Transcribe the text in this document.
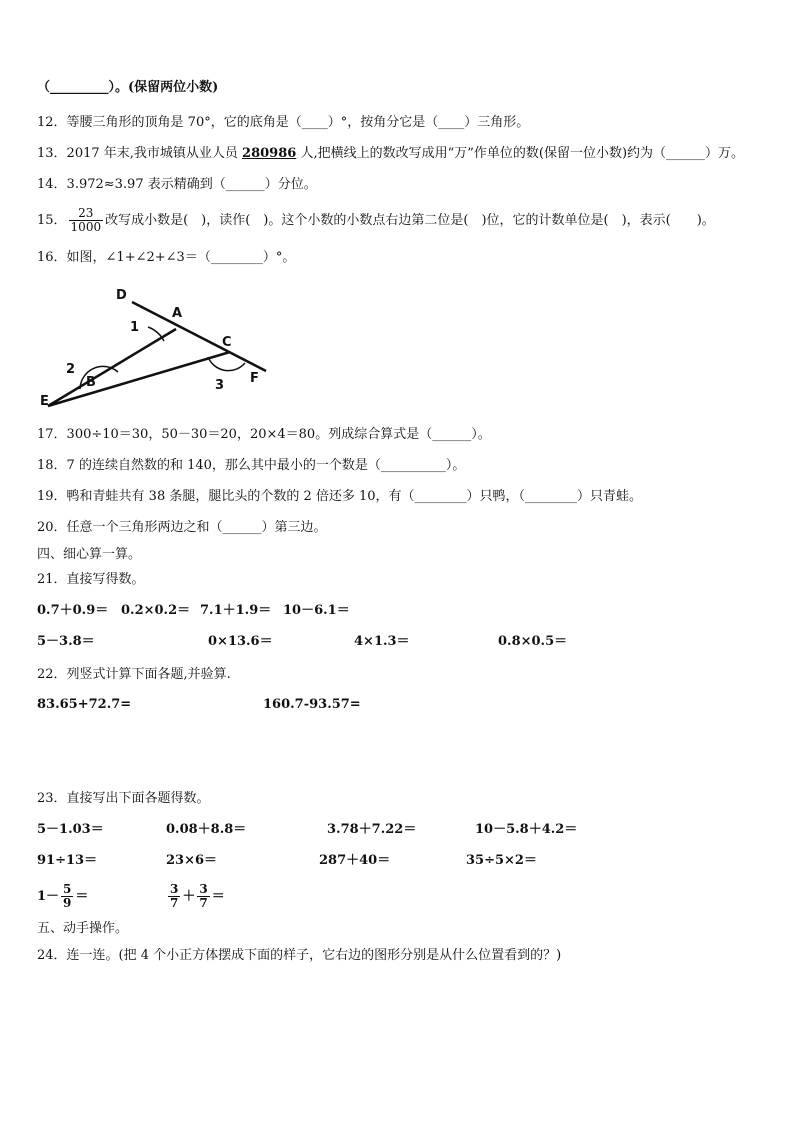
（_________）。(保留两位小数)
12．等腰三角形的顶角是 70°，它的底角是（____）°，按角分它是（____）三角形。
13．2017 年末,我市城镇从业人员 280986 人,把横线上的数改写成用“万”作单位的数(保留一位小数)约为（______）万。
14．3.972≈3.97 表示精确到（______）分位。
15． $\frac{23}{1000}$ 改写成小数是(　)，读作(　)。这个小数的小数点右边第二位是(　)位，它的计数单位是(　)，表示(　　)。
16．如图，∠1+∠2+∠3＝（________）°。
D
A
C
B
E
F
1
2
3
17．300÷10＝30，50－30＝20，20×4＝80。列成综合算式是（______）。
18．7 的连续自然数的和 140，那么其中最小的一个数是（__________）。
19．鸭和青蛙共有 38 条腿，腿比头的个数的 2 倍还多 10，有（________）只鸭，（________）只青蛙。
20．任意一个三角形两边之和（______）第三边。
四、细心算一算。
21．直接写得数。
0.7＋0.9＝ 0.2×0.2＝ 7.1＋1.9＝ 10－6.1＝
5－3.8＝	0×13.6＝	4×1.3＝	0.8×0.5＝
22．列竖式计算下面各题,并验算.
83.65+72.7=	160.7-93.57=
23．直接写出下面各题得数。
5－1.03＝	0.08＋8.8＝	3.78＋7.22＝	10－5.8＋4.2＝
91÷13＝	23×6＝	287＋40＝	35÷5×2＝
$1- \frac{5}{9}$ ＝	$\frac{3}{7} + \frac{3}{7}$ ＝
五、动手操作。
24．连一连。(把 4 个小正方体摆成下面的样子，它右边的图形分别是从什么位置看到的？)
